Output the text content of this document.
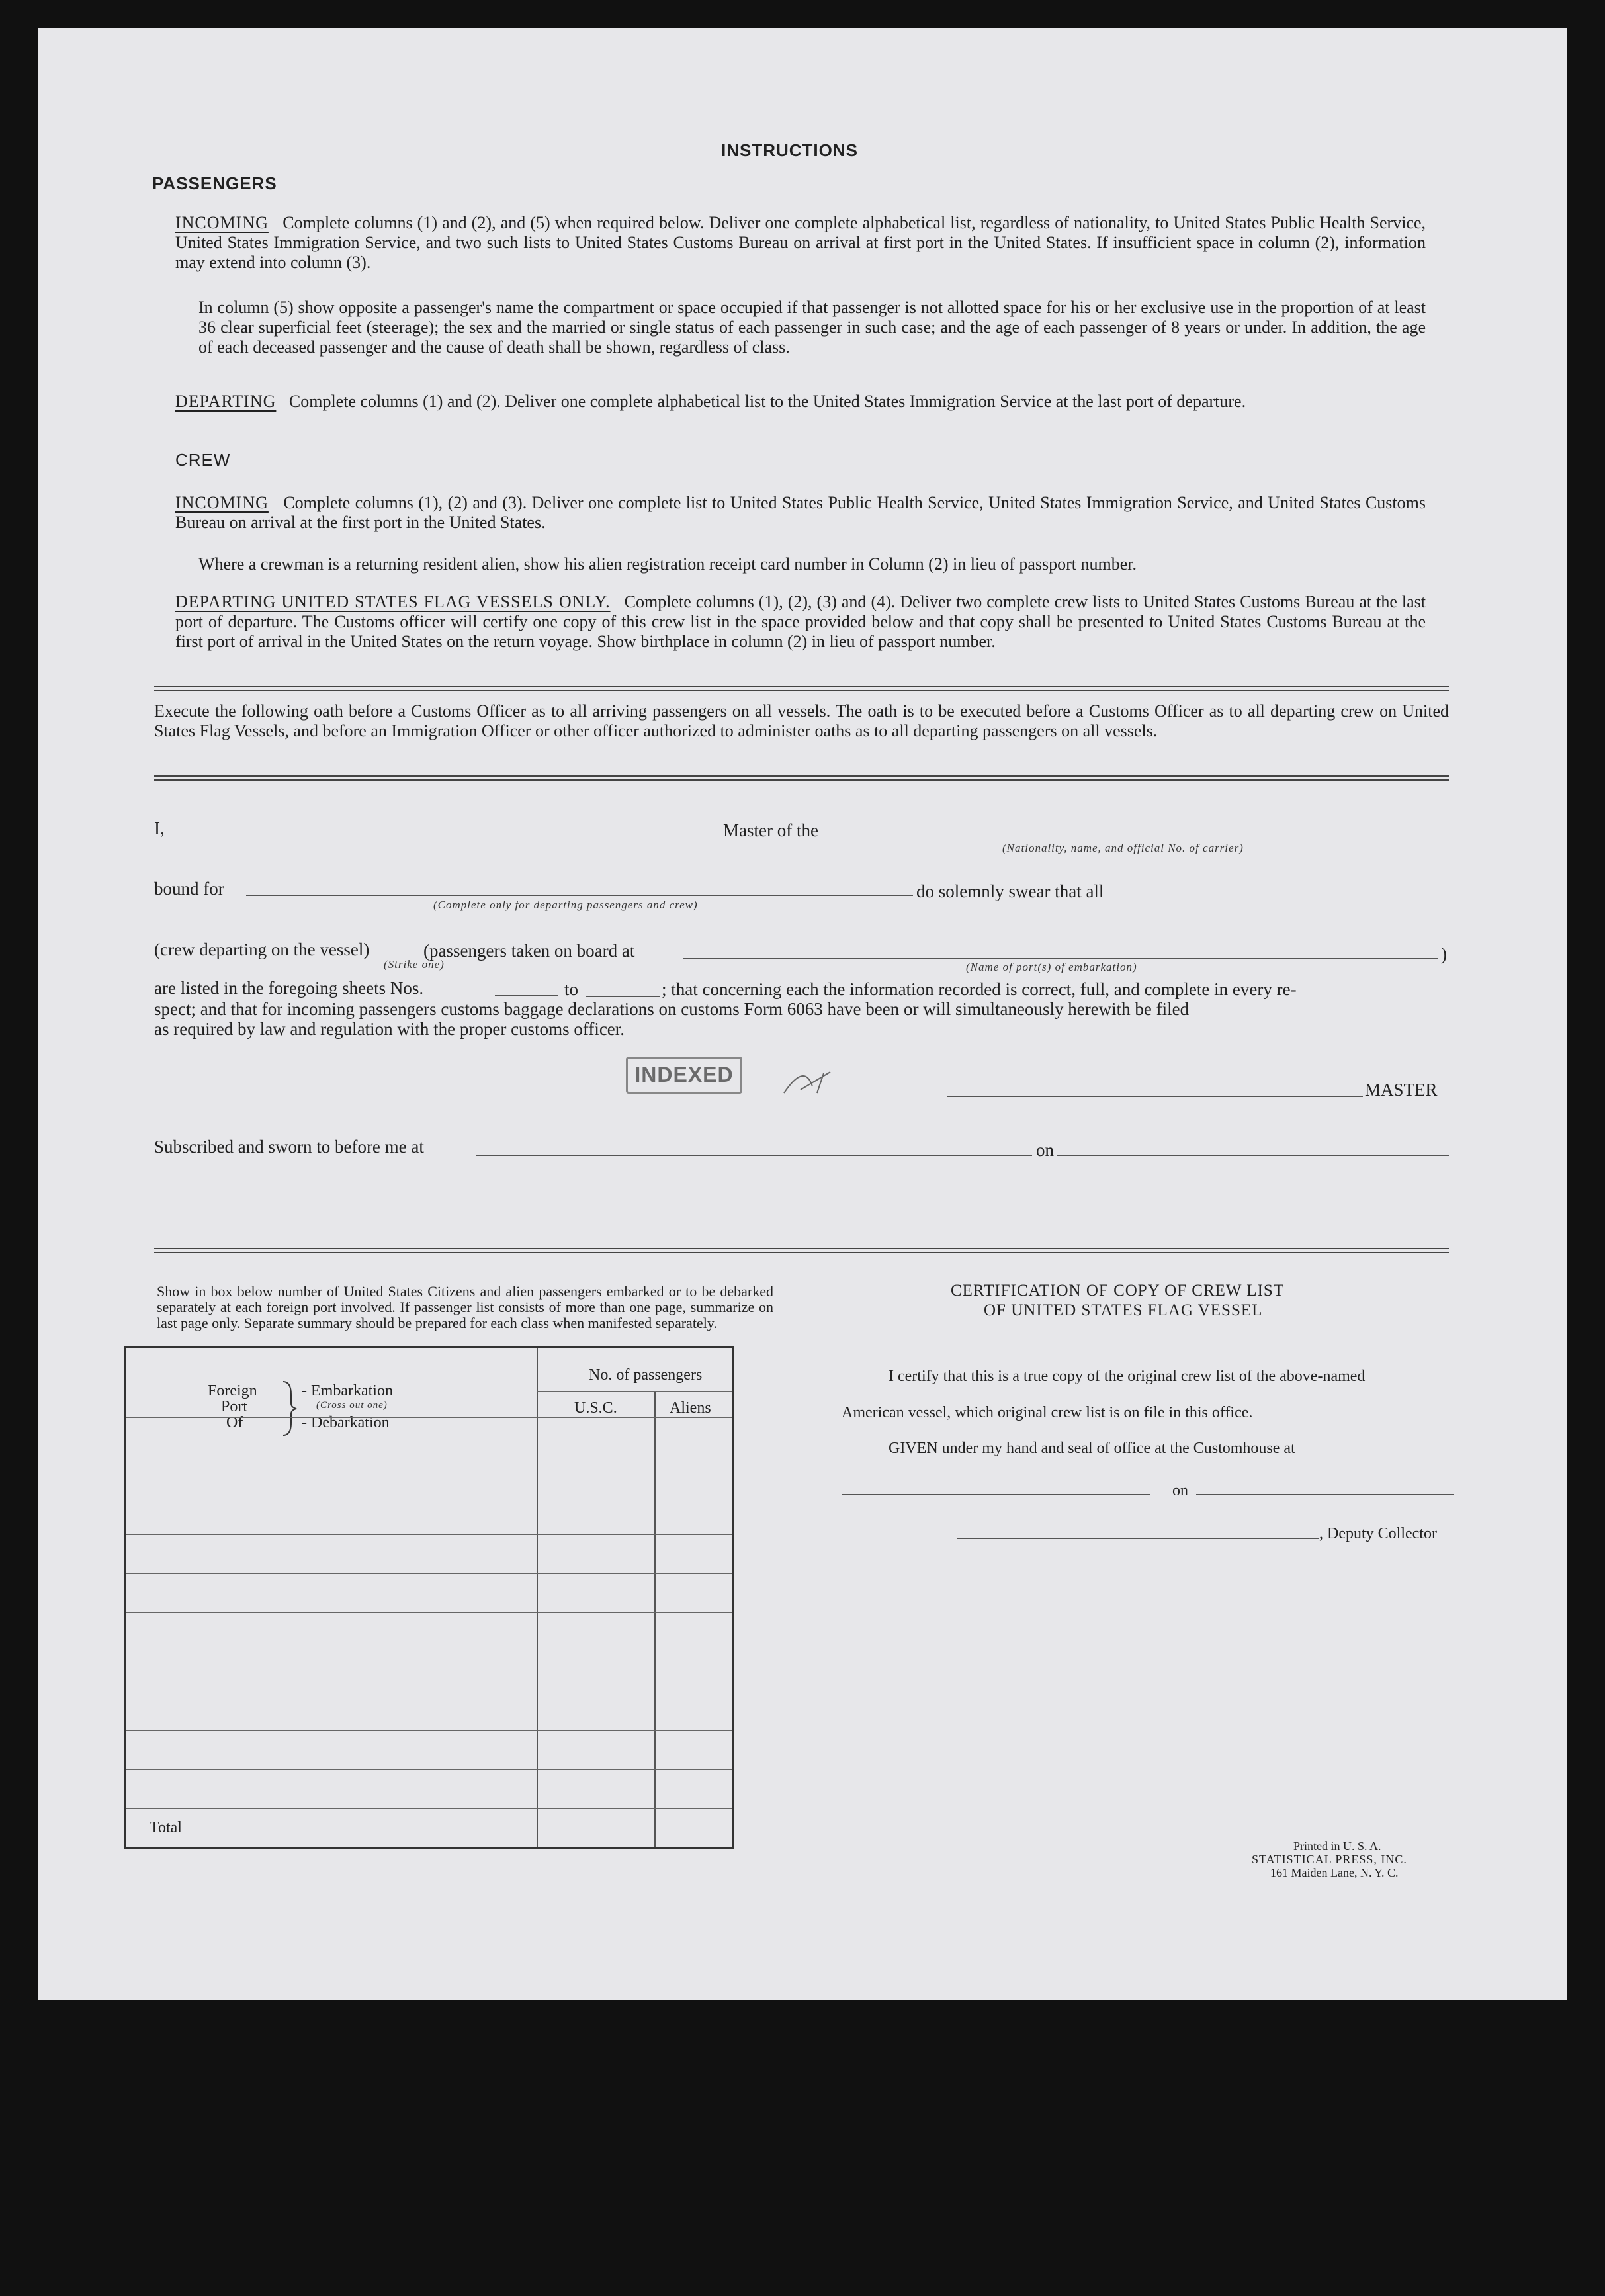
INSTRUCTIONS
PASSENGERS
INCOMING Complete columns (1) and (2), and (5) when required below. Deliver one complete alphabetical list, regardless of nationality, to United States Public Health Service, United States Immigration Service, and two such lists to United States Customs Bureau on arrival at first port in the United States. If insufficient space in column (2), information may extend into column (3).
In column (5) show opposite a passenger's name the compartment or space occupied if that passenger is not allotted space for his or her exclusive use in the proportion of at least 36 clear superficial feet (steerage); the sex and the married or single status of each passenger in such case; and the age of each passenger of 8 years or under. In addition, the age of each deceased passenger and the cause of death shall be shown, regardless of class.
DEPARTING Complete columns (1) and (2). Deliver one complete alphabetical list to the United States Immigration Service at the last port of departure.
CREW
INCOMING Complete columns (1), (2) and (3). Deliver one complete list to United States Public Health Service, United States Immigration Service, and United States Customs Bureau on arrival at the first port in the United States.
Where a crewman is a returning resident alien, show his alien registration receipt card number in Column (2) in lieu of passport number.
DEPARTING UNITED STATES FLAG VESSELS ONLY. Complete columns (1), (2), (3) and (4). Deliver two complete crew lists to United States Customs Bureau at the last port of departure. The Customs officer will certify one copy of this crew list in the space provided below and that copy shall be presented to United States Customs Bureau at the first port of arrival in the United States on the return voyage. Show birthplace in column (2) in lieu of passport number.
Execute the following oath before a Customs Officer as to all arriving passengers on all vessels. The oath is to be executed before a Customs Officer as to all departing crew on United States Flag Vessels, and before an Immigration Officer or other officer authorized to administer oaths as to all departing passengers on all vessels.
I,	Master of the
(Nationality, name, and official No. of carrier)
bound for
(Complete only for departing passengers and crew)
do solemnly swear that all
(crew departing on the vessel)	(passengers taken on board at
(Strike one)
)
(Name of port(s) of embarkation)
are listed in the foregoing sheets Nos.	to	; that concerning each the information recorded is correct, full, and complete in every re-
spect; and that for incoming passengers customs baggage declarations on customs Form 6063 have been or will simultaneously herewith be filed
as required by law and regulation with the proper customs officer.
INDEXED
MASTER
Subscribed and sworn to before me at	on
Show in box below number of United States Citizens and alien passengers embarked or to be debarked separately at each foreign port involved. If passenger list consists of more than one page, summarize on last page only. Separate summary should be prepared for each class when manifested separately.
Foreign
Port
Of
- Embarkation
(Cross out one)
- Debarkation
No. of passengers
U.S.C.	Aliens
Total
CERTIFICATION OF COPY OF CREW LIST
OF UNITED STATES FLAG VESSEL
I certify that this is a true copy of the original crew list of the above-named
American vessel, which original crew list is on file in this office.
GIVEN under my hand and seal of office at the Customhouse at
on
, Deputy Collector
Printed in U. S. A.
STATISTICAL PRESS, INC.
161 Maiden Lane, N. Y. C.
